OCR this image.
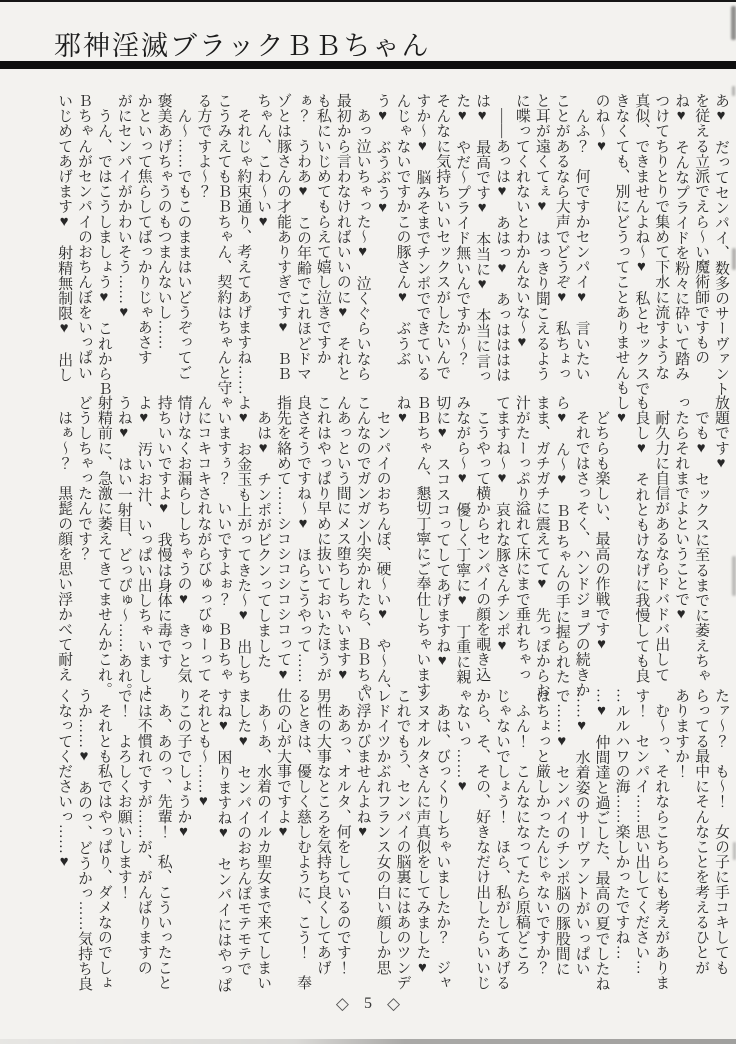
邪神淫滅ブラックＢＢちゃん
あ♥　だってセンパイ、数多のサーヴァント
を従える立派でえら～い魔術師ですもの
ね♥　そんなプライドを粉々に砕いて踏み
つけてちりとりで集めて下水に流すような
真似、できませんよね～♥　私とセックスで
きなくても、別にどうってことありませんも
のね～♥
　んふ？　何ですかセンパイ♥　言いたい
ことがあるなら大声でどうぞ♥　私ちょっ
と耳が遠くてぇ♥　はっきり聞こえるよう
に喋ってくれないとわかんないな～♥
　――あっは♥　あはっ♥　あっはははは
は♥　最高です♥　本当に♥　本当に言っ
た♥　やだ～プライド無いんですか～？
そんなに気持ちいいセックスがしたいんで
すか～♥　脳みそまでチンポでできている
んじゃないですかこの豚さん♥　ぶうぶ
う♥　ぶうぶう♥
　あっ泣いちゃった～♥　泣くぐらいなら
最初から言わなければいいのに♥　それと
も私にいじめてもらえて嬉し泣きですか
ぁ？　うわあ♥　この年齢でこれほどドマ
ゾとは豚さんの才能ありすぎです♥　ＢＢ
ちゃん、こわ～い♥
　それじゃ約束通り、考えてあげますね……
こうみえてもＢＢちゃん、契約はちゃんと守
る方ですよ～？
　ん～……でもこのままはいどうぞってご
褒美あげちゃうのもつまんないし……
かといって焦らしてばっかりじゃあさす
がにセンパイがかわいそう……♥
　うん、ではこうしましょう♥　これからＢ
Ｂちゃんがセンパイのおちんぼをいっぱい
いじめてあげます♥　射精無制限♥　出し
放題です♥
　でも♥　セックスに至るまでに萎えちゃ
ったらそれまでよということで♥
　耐久力に自信があるならドバドバ出して
も良し♥　それともけなげに我慢しても良
し♥
　どちらも楽しい、最高の作戦です♥
　それではさっそく、ハンドジョブの続きか
ら♥　ん～♥　ＢＢちゃんの手に握られた
まま、ガチガチに震えてて♥　先っぽからお
汁がたーっぷり溢れて床にまで垂れちゃっ
てますね～♥　哀れな豚さんチンポ♥
　こうやって横からセンパイの顔を覗き込
みながら～♥　優しく丁寧に♥　丁重に親
切に♥　スコスコってしてあげますね♥
ＢＢちゃん、懇切丁寧にご奉仕しちゃいます
ね♥
　センパイのおちんぽ、硬～い♥　や～ん、
こんなのでガンガン小突かれたら、ＢＢちゃ
んあっという間にメス堕ちしちゃいます♥
これはやっぱり早めに抜いておいたほうが
良さそうですね～♥　ほらこうやって……
指先を絡めて……シコシコシコシコって♥
　あは♥　チンポがビクンってしました
よ♥　お金玉も上がってきた～♥　出しち
ゃいますぅ？　いいですよぉ？　ＢＢちゃ
んにコキコキされながらびゅっびゅーって
情けなくお漏らししちゃうの♥　きっと気
持ちいいですよ♥　我慢は身体に毒です
よ♥　汚いお汁、いっぱい出しちゃいましょ
うね♥　はい一射目、どっぴゅ～……あれ。
射精前に、急激に萎えてきてませんかこれ。
どうしちゃったんです？
　はぁ～？　黒髭の顔を思い浮かべて耐え
たァ～？　も～！　女の子に手コキしても
らってる最中にそんなことを考えるひとが
ありますか！
　む～っ、それならこちらにも考えがありま
す！　センパイ……思い出してください…
…ルルハワの海……楽しかったですね…
…♥　仲間達と過ごした、最高の夏でしたね
……♥　水着姿のサーヴァントがいっぱい
で……♥　センパイのチンポ脳の豚股間に
はちょっと厳しかったんじゃないですか？
　ふん！　こんなになってたら原稿どころ
じゃないでしょう！　ほら、私がしてあげる
から、そ、その、好きなだけ出したらいいじ
ゃないっ……♥
　あは、びっくりしちゃいましたか？　ジャ
ンヌオルタさんに声真似をしてみました♥
これでもう、センパイの脳裏にはあのツンデ
レドイツかぶれフランス女の白い顔しか思
い浮かびませんよね♥
　ああっ、オルタ、何をしているのです！
男性の大事なところを気持ち良くしてあげ
るときは、優しく慈しむように、こう！　奉
仕の心が大事ですよ♥
　あ～あ、水着のイルカ聖女まで来てしまい
ました♥　センパイのおちんぽモテモテで
すね♥　困りますね♥　センパイにはやっぱ
それとも～……♥
りこの子でしょうか♥
　あ、あのっ、先輩！　私、こういったこと
には不慣れですが……が、がんばりますの
で！　よろしくお願いします！
　それとも私ではやっぱり、ダメなのでしょ
うか……♥　あのっ、どうかっ……気持ち良
くなってくださいっ……♥
◇ 5 ◇
